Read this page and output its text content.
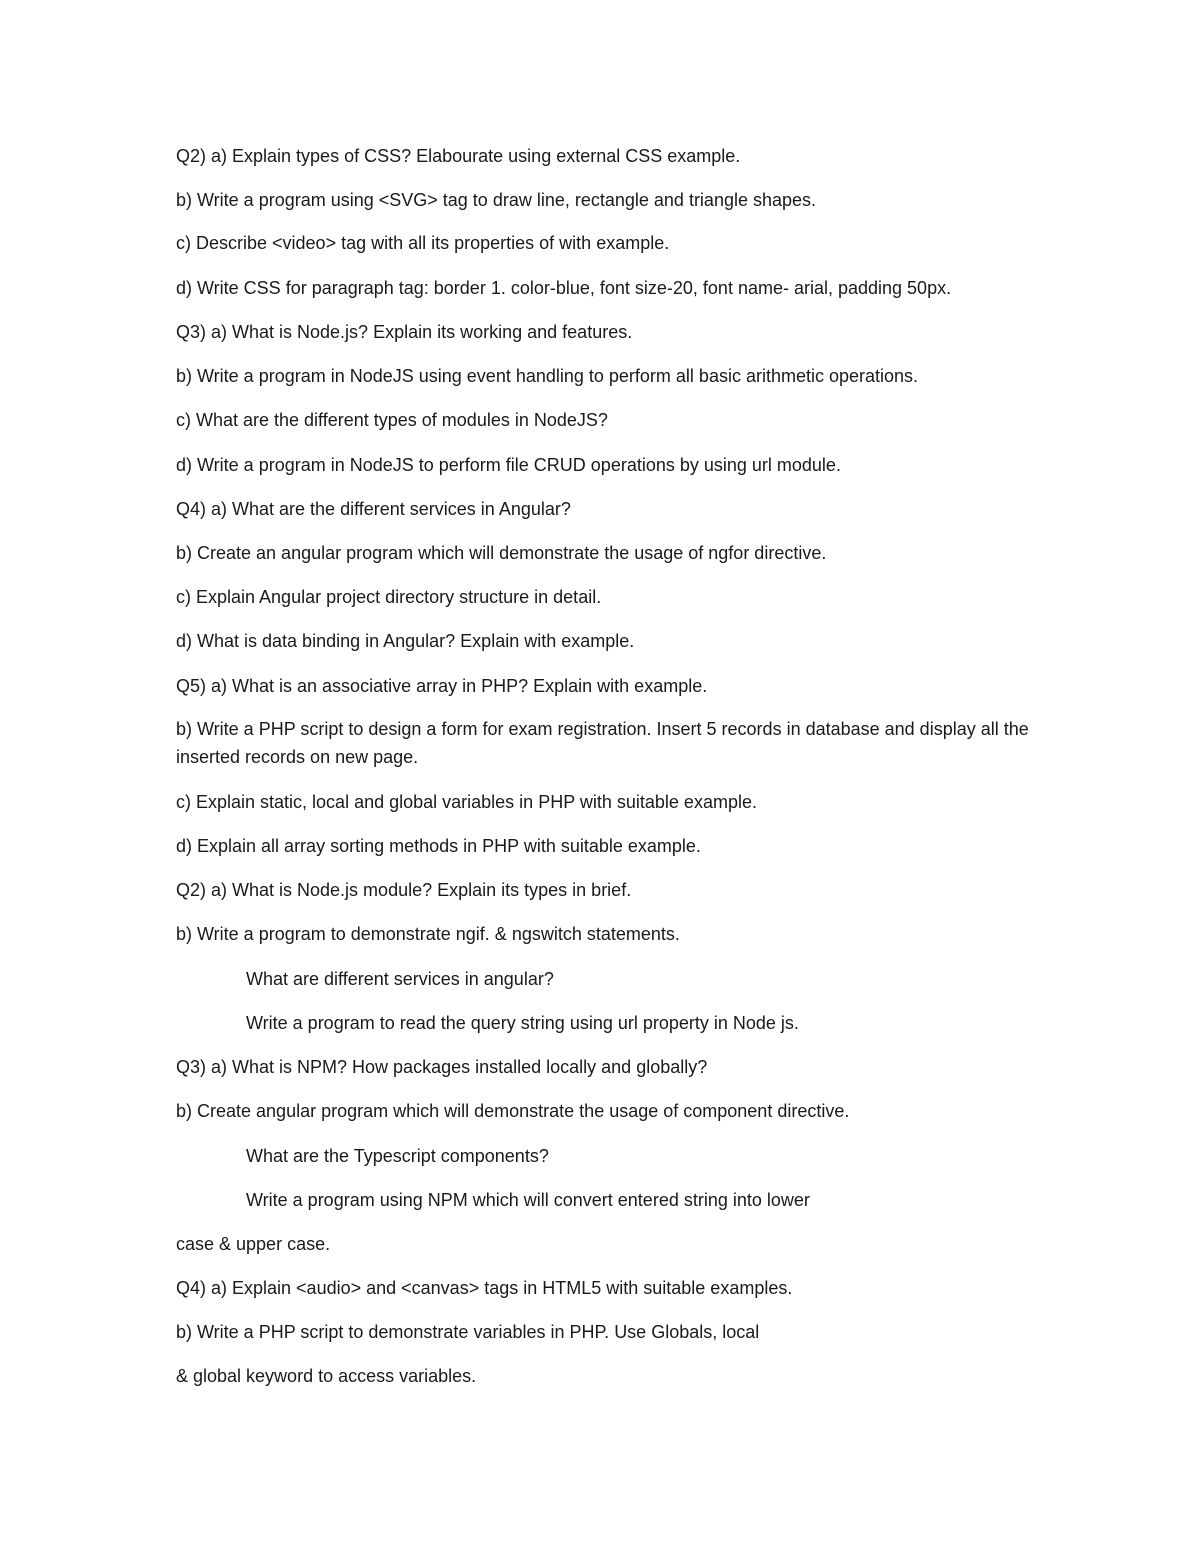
Q2) a) Explain types of CSS? Elabourate using external CSS example.
b) Write a program using <SVG> tag to draw line, rectangle and triangle shapes.
c) Describe <video> tag with all its properties of with example.
d) Write CSS for paragraph tag: border 1. color-blue, font size-20, font name- arial, padding 50px.
Q3) a) What is Node.js? Explain its working and features.
b) Write a program in NodeJS using event handling to perform all basic arithmetic operations.
c) What are the different types of modules in NodeJS?
d) Write a program in NodeJS to perform file CRUD operations by using url module.
Q4) a) What are the different services in Angular?
b) Create an angular program which will demonstrate the usage of ngfor directive.
c) Explain Angular project directory structure in detail.
d) What is data binding in Angular? Explain with example.
Q5) a) What is an associative array in PHP? Explain with example.
b) Write a PHP script to design a form for exam registration. Insert 5 records in database and display all the inserted records on new page.
c) Explain static, local and global variables in PHP with suitable example.
d) Explain all array sorting methods in PHP with suitable example.
Q2) a) What is Node.js module? Explain its types in brief.
b) Write a program to demonstrate ngif. & ngswitch statements.
What are different services in angular?
Write a program to read the query string using url property in Node js.
Q3) a) What is NPM? How packages installed locally and globally?
b) Create angular program which will demonstrate the usage of component directive.
What are the Typescript components?
Write a program using NPM which will convert entered string into lower
case & upper case.
Q4) a) Explain <audio> and <canvas> tags in HTML5 with suitable examples.
b) Write a PHP script to demonstrate variables in PHP. Use Globals, local
& global keyword to access variables.
